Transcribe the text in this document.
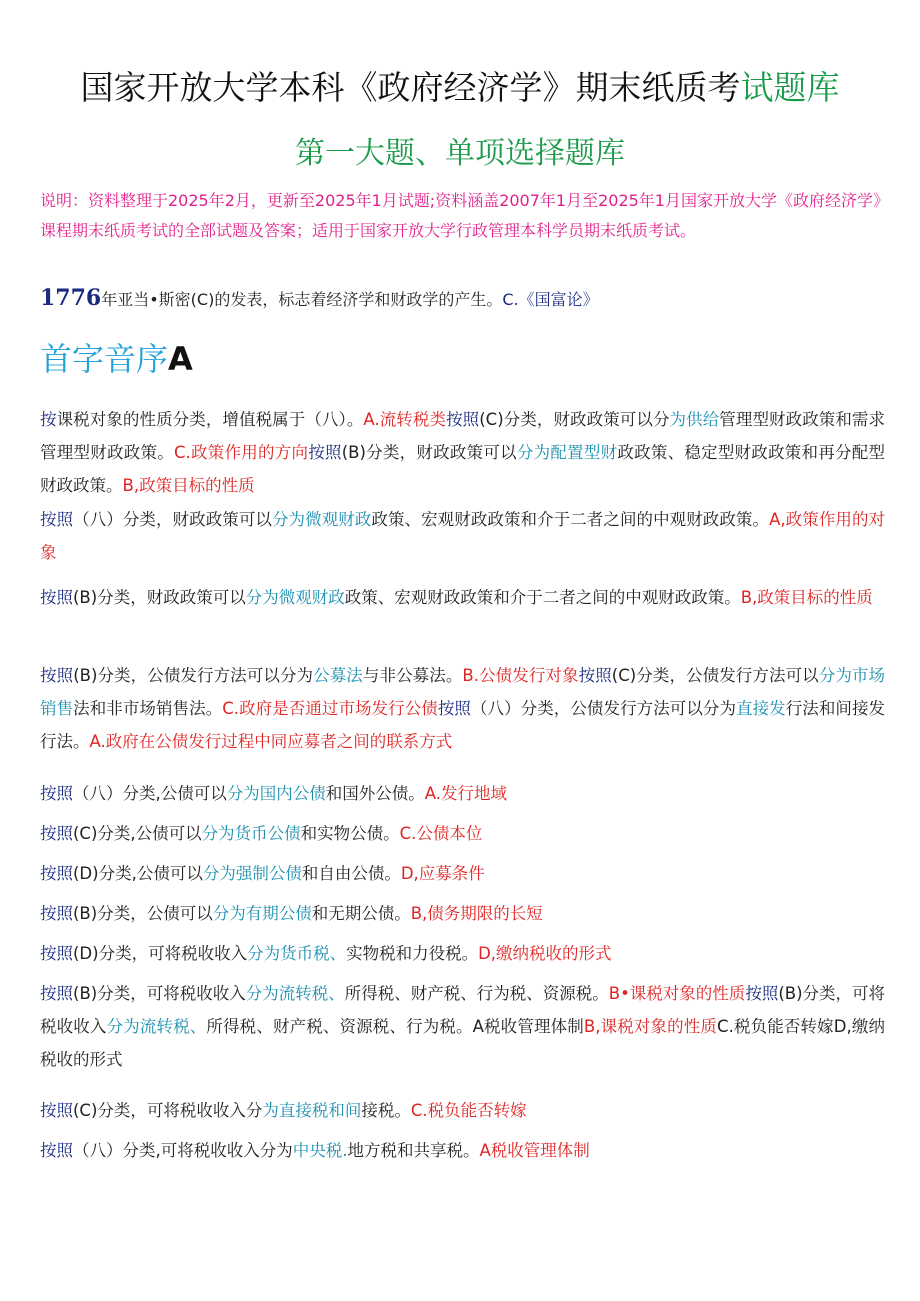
国家开放大学本科《政府经济学》期末纸质考试题库
第一大题、单项选择题库
说明：资料整理于2025年2月，更新至2025年1月试题;资料涵盖2007年1月至2025年1月国家开放大学《政府经济学》课程期末纸质考试的全部试题及答案；适用于国家开放大学行政管理本科学员期末纸质考试。
1776年亚当•斯密(C)的发表，标志着经济学和财政学的产生。C.《国富论》
首字音序A
按课税对象的性质分类，增值税属于（八）。A.流转税类按照(C)分类，财政政策可以分为供给管理型财政政策和需求管理型财政政策。C.政策作用的方向按照(B)分类，财政政策可以分为配置型财政政策、稳定型财政政策和再分配型财政政策。B,政策目标的性质
按照（八）分类，财政政策可以分为微观财政政策、宏观财政政策和介于二者之间的中观财政政策。A,政策作用的对象
按照(B)分类，财政政策可以分为微观财政政策、宏观财政政策和介于二者之间的中观财政政策。B,政策目标的性质
按照(B)分类，公债发行方法可以分为公募法与非公募法。B.公债发行对象按照(C)分类，公债发行方法可以分为市场销售法和非市场销售法。C.政府是否通过市场发行公债按照（八）分类，公债发行方法可以分为直接发行法和间接发行法。A.政府在公债发行过程中同应募者之间的联系方式
按照（八）分类,公债可以分为国内公债和国外公债。A.发行地域
按照(C)分类,公债可以分为货币公债和实物公债。C.公债本位
按照(D)分类,公债可以分为强制公债和自由公债。D,应募条件
按照(B)分类，公债可以分为有期公债和无期公债。B,债务期限的长短
按照(D)分类，可将税收收入分为货币税、实物税和力役税。D,缴纳税收的形式
按照(B)分类，可将税收收入分为流转税、所得税、财产税、行为税、资源税。B•课税对象的性质按照(B)分类，可将税收收入分为流转税、所得税、财产税、资源税、行为税。A税收管理体制B,课税对象的性质C.税负能否转嫁D,缴纳税收的形式
按照(C)分类，可将税收收入分为直接税和间接税。C.税负能否转嫁
按照（八）分类,可将税收收入分为中央税.地方税和共享税。A税收管理体制
